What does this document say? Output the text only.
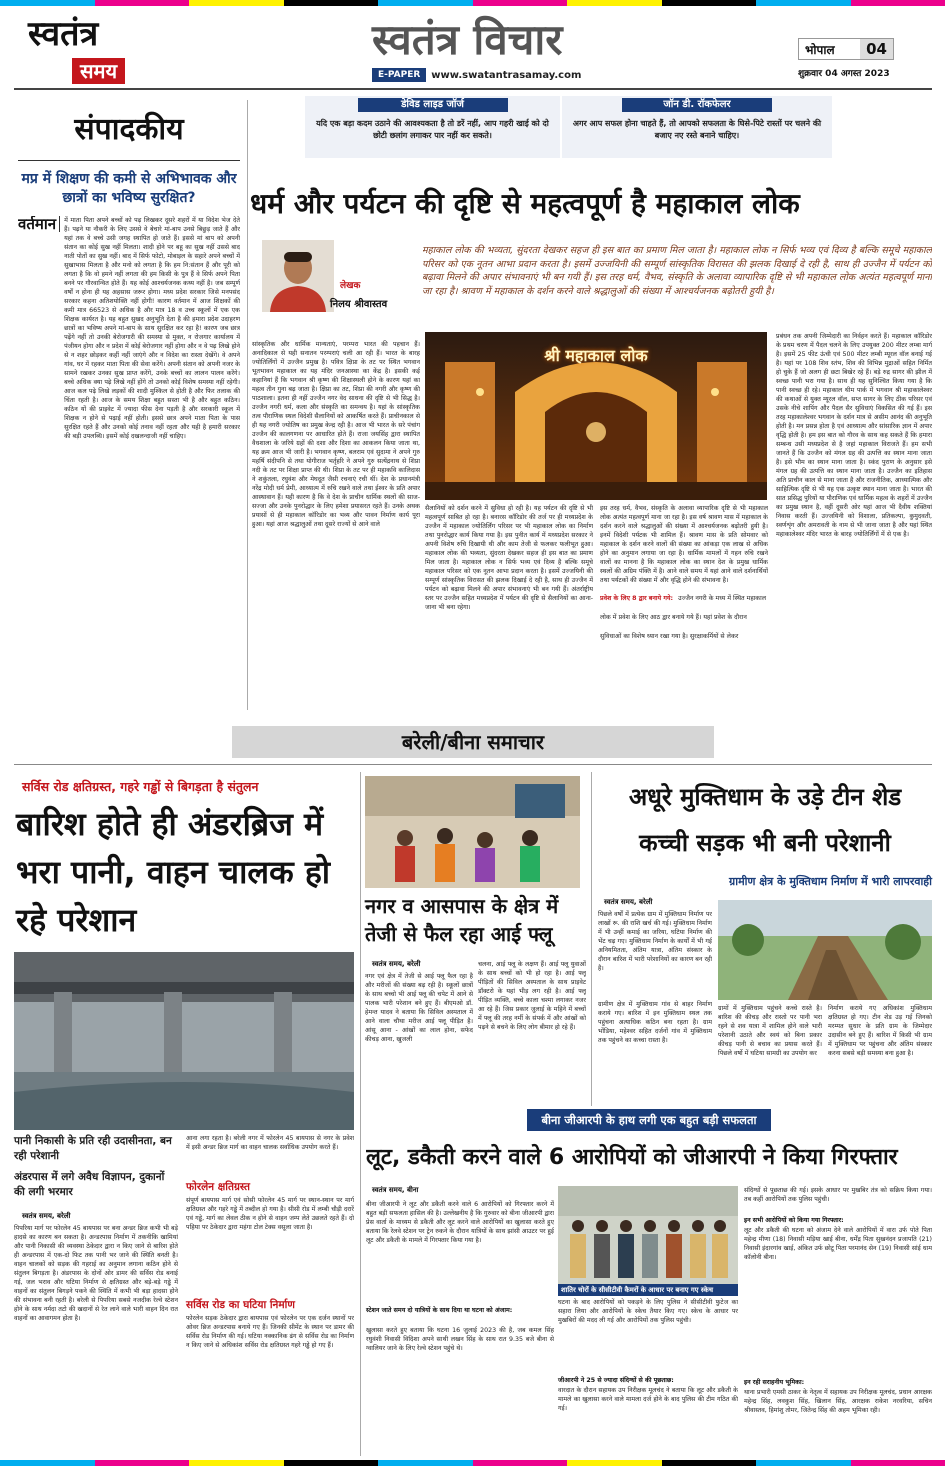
स्वतंत्र
समय
स्वतंत्र विचार
E-PAPER	www.swatantrasamay.com
भोपाल	04
शुक्रवार 04 अगस्त 2023
डेविड लाइड जॉर्ज
यदि एक बड़ा कदम उठाने की आवश्यकता है तो डरें नहीं, आप गहरी खाई को दो छोटी छलांग लगाकर पार नहीं कर सकते।
जॉन डी. रॉकफेलर
अगर आप सफल होना चाहते हैं, तो आपको सफलता के घिसे-पिटे रास्तों पर चलने की बजाए नए रस्ते बनाने चाहिए।
संपादकीय
मप्र में शिक्षण की कमी से अभिभावक और छात्रों का भविष्य सुरक्षित?
वर्तमान	में माता पिता अपने बच्चों को पढ़ लिखकर दूसरे शहरों में या विदेश भेज देते हैं। पढ़ने या नौकरी के लिए उससे वे बेचारे मां-बाप उनसे बिछुड़ जाते हैं और यहां तक वे बच्चे उसी जगह स्थापित हो जाते हैं। इससे मां बाप को अपनी संतान का कोई सुख नहीं मिलता। शादी होने पर बहू का सुख नहीं उससे बाद नाती पोतों का सुख नहीं। बाद में सिर्फ फोटो, मोबाइल के सहारे अपने बच्चों में सुखाभास मिलता है और मनो को लगता है कि हम नि:संतान हैं और पूरी को लगता है कि वो हमने नहीं लगता की हम किसी के पुत्र हैं वे सिर्फ अपने पिता बनने पर गौरवान्वित होते हैं। यह कोई आश्चर्यजनक कथ्य नहीं है। जब सम्पूर्ण वर्षों न होना ही यह अहसास जरूर होगा। मध्य प्रदेश सरकार जिसे मनपसंद सरकार कहना अतिशयोक्ति नहीं होगी! कारण वर्तमान में आज शिक्षकों की कमी मात्र 66523 से अधिक है और मात्र 18 व उच्च स्कूलों में एक एक शिक्षक कार्यरत है। यह बहुत सुखद अनुभूति देता है की हमारा प्रदेश उदाहरण छात्रों का भविष्य अपने मां-बाप के साथ सुरक्षित कर रहा है! कारण जब छात्र पढ़ेंगे नहीं तो उनकी बेरोजगारी की समस्या से मुक्त, न रोजगार कार्यालय में पंजीयन होगा और न प्रदेश में कोई बेरोजगार नहीं होगा और न वे पढ़ लिखे होने से न शहर छोड़कर कहीं नहीं जाएंगे और न विदेश का रास्ता देखेंगे। वे अपने गांव, घर में रहकर माता पिता की सेवा करेंगे। अपनी संतान को अपनी नजर के सामने रखकर उनका सुख प्राप्त करेंगे, उनके बच्चों का लालन पालन करेंगे। बच्चे अधिक क्या पढ़े लिखे नहीं होंगे तो उनको कोई विशेष समस्या नहीं रहेगी। आज कल पढ़े लिखे लड़कों की शादी मुश्किल से होती है और फिर तलाक की चिंता रहती है। आज के समय शिक्षा बहुत सस्ता भी है और बहुत कठिन। कठिन यों की प्राइवेट में ज्यादा फीस देना पड़ती है और सरकारी स्कूल में शिक्षक न होने से पढ़ाई नहीं होती। इससे छात्र अपने माता पिता के पास सुरक्षित रहते हैं और उनको कोई तनाव नहीं रहता और यही है हमारी सरकार की बड़ी उपलब्धि। इसमें कोई दखलन्दाजी नहीं चाहिए।
धर्म और पर्यटन की दृष्टि से महत्वपूर्ण है महाकाल लोक
लेखक
निलय श्रीवास्तव
महाकाल लोक की भव्यता, सुंदरता देखकर सहज ही इस बात का प्रमाण मिल जाता है। महाकाल लोक न सिर्फ भव्य एवं दिव्य है बल्कि समूचे महाकाल परिसर को एक नूतन आभा प्रदान करता है। इसमें उज्जयिनी की सम्पूर्ण सांस्कृतिक विरासत की झलक दिखाई दे रही है, साथ ही उज्जैन में पर्यटन को बढ़ावा मिलने की अपार संभावनाएं भी बन गयी हैं। इस तरह धर्म, वैभव, संस्कृति के अलावा व्यापारिक दृष्टि से भी महाकाल लोक अत्यंत महत्वपूर्ण माना जा रहा है। श्रावण में महाकाल के दर्शन करने वाले श्रद्धालुओं की संख्या में आश्चर्यजनक बढ़ोतरी हुयी है।
सांस्कृतिक और धार्मिक मान्यताएं, परम्परा भारत की पहचान हैं। अनादिकाल से यही सनातन परम्पराएं चली आ रही हैं। भारत के बारह ज्योतिर्लिंगों में उज्जैन प्रमुख है। पवित्र क्षिप्रा के तट पर स्थित भगवान भूतभावन महाकाल का यह मंदिर जनआस्था का केंद्र है। इसकी कई कहानियां हैं कि भगवान श्री कृष्ण की शिक्षास्थली होने के कारण यहां का महत्व तीन गुना बढ़ जाता है। क्षिप्रा का तट, शिप्रा की नगरी और कृष्ण की पाठशाला। इतना ही नहीं उज्जैन नगर वेद साधना की दृष्टि से भी सिद्ध है। उज्जैन नगरी धर्म, कला और संस्कृति का समन्वय है। यहां के सांस्कृतिक तत्व पौराणिक स्थल विदेशी सैलानियों को आकर्षित करते हैं। प्राचीनकाल से ही यह नगरी ज्योतिष का प्रमुख केन्द्र रही है। आज भी भारत के सरे पंचांग उज्जैन की कालगणना पर आधारित होते हैं। राजा जयसिंह द्वारा स्थापित वैधशाला के जरिये ग्रहों की दशा और दिशा का आकलन किया जाता था, यह क्रम आज भी जारी है। भगवान कृष्ण, बलराम एवं सुदामा ने अपने गुरु महर्षि संदीपनि से तथा योगीराज भर्तृहरि ने अपने गुरु सत्येंद्रनाथ से शिप्रा नदी के तट पर शिक्षा प्राप्त की थी। शिप्रा के तट पर ही महाकवि कालिदास ने शकुंतला, रघुवंश और मेघदूत जैसी रचनाएं रची थीं। देश के प्रधानमंत्री नरेंद्र मोदी धर्म प्रेमी, आध्यात्म में रुचि रखने वाले तथा ईश्वर के प्रति अपार आस्थावान हैं। यही कारण है कि वे देश के प्राचीन धार्मिक स्थलों की साज-सज्जा और उनके पुनरोद्धार के लिए हमेशा प्रयासरत रहते हैं। उनके अथक प्रयासों से ही महाकाल कॉरिडोर का भव्य और पावन निर्माण कार्य पूरा हुआ। यहां आज श्रद्धालुओं तथा दूसरे राज्यों से आने वाले
श्री महाकाल लोक
सैलानियों को दर्शन करने में सुविधा हो रही है। यह पर्यटन की दृष्टि से भी महत्वपूर्ण साबित हो रहा है। बनारस कॉरिडोर की तर्ज पर ही मध्यप्रदेश के उज्जैन में महाकाल ज्योतिर्लिंग परिसर पर भी महाकाल लोक का निर्माण तथा पुनरोद्धार कार्य किया गया है। इस पुनीत कार्य में मध्यप्रदेश सरकार ने अपनी विशेष रुचि दिखायी थी और काम तेजी से फलकर फलीभूत हुआ। महाकाल लोक की भव्यता, सुंदरता देखकर सहज ही इस बात का प्रमाण मिल जाता है। महाकाल लोक न सिर्फ भव्य एवं दिव्य है बल्कि समूचे महाकाल परिसर को एक नूतन आभा प्रदान करता है। इसमें उज्जयिनी की सम्पूर्ण सांस्कृतिक विरासत की झलक दिखाई दे रही है, साथ ही उज्जैन में पर्यटन को बढ़ावा मिलने की अपार संभावनाएं भी बन गयी हैं। अंतर्राष्ट्रीय स्तर पर उज्जैन सहित मध्यप्रदेश में पर्यटन की दृष्टि से सैलानियों का आना-जाना भी बना रहेगा।
इस तरह धर्म, वैभव, संस्कृति के अलावा व्यापारिक दृष्टि से भी महाकाल लोक अत्यंत महत्वपूर्ण माना जा रहा है। इस वर्ष श्रावण मास में महाकाल के दर्शन करने वाले श्रद्धालुओं की संख्या में आश्चर्यजनक बढ़ोतरी हुयी है। इनमें विदेशी पर्यटक भी शामिल हैं। श्रावण मास के प्रति सोमवार को महाकाल के दर्शन करने वालों की संख्या का आंकड़ा एक लाख से अधिक होने का अनुमान लगाया जा रहा है। धार्मिक मामलों में गहन रुचि रखने वालों का मानना है कि महाकाल लोक का स्थान देश के प्रमुख धार्मिक स्थलों की अग्रिम पंक्ति में है। आने वाले समय में यहां आने वाले दर्शनार्थियों तथा पर्यटकों की संख्या में और वृद्धि होने की संभावना है।
प्रवेश के लिए 8 द्वार बनाये गये: उज्जैन नगरी के मध्य में स्थित महाकाल लोक में प्रवेश के लिए आठ द्वार बनाये गये हैं। यहां प्रवेश के दौरान सुविधाओं का विशेष ध्यान रखा गया है। सुरक्षाकर्मियों से लेकर
प्रबंधन तक अपनी जिम्मेदारी का निर्वहन करते हैं। महाकाल कॉरिडोर के प्रथम चरण में पैदल चलने के लिए उपयुक्त 200 मीटर लम्बा मार्ग है। इसमें 25 फीट ऊंची एवं 500 मीटर लम्बी म्यूरल वॉल बनाई गई है। यहां पर 108 शिव स्तंभ, शिव की विभिन्न मुद्राओं सहित निर्मित हो चुके हैं जो अलग ही छटा बिखेर रहे हैं। बड़े रुद्र सागर की झील में स्वच्छ पानी भरा गया है। साथ ही यह सुनिश्चित किया गया है कि पानी स्वच्छ ही रहे। महाकाल थीम पार्क में भगवान श्री महाकालेश्वर की कथाओं से युक्त म्यूरल वॉल, सप्त सागर के लिए ठीक परिसर एवं उसके नीचे शापिंग और पैदल सैर सुविधाएं विकसित की गई हैं। इस तरह महाकालेश्वर भगवान के दर्शन मात्र से असीम आनंद की अनुभूति होती है। मन प्रसन्न होता है एवं आध्यात्म और सांसारिक ज्ञान में अपार वृद्धि होती है। हम इस बात को गौरव के साथ कह सकते हैं कि हमारा सम्बन्ध उसी मध्यप्रदेश से है जहां महाकाल विराजते हैं। हम सभी जानते हैं कि उज्जैन को मंगल ग्रह की उत्पत्ति का स्थान माना जाता है। इसे भौम का स्थान माना जाता है। स्कंद पुराण के अनुसार इसे मंगल ग्रह की उत्पत्ति का स्थान माना जाता है। उज्जैन का इतिहास अति प्राचीन काल से माना जाता है और राजनीतिक, आध्यात्मिक और साहित्यिक दृष्टि से भी यह एक उत्कृष्ट स्थान माना जाता है। भारत की सात प्रसिद्ध पुरियों या पौराणिक एवं धार्मिक महत्व के शहरों में उज्जैन का प्रमुख स्थान है, वहीं दूसरी ओर यहां आज भी दैवीय शक्तियां निवास करती हैं। उज्जयिनी को विशाला, प्रतिकल्पा, कुमुदवती, स्वर्णशृंग और अमरावती के नाम से भी जाना जाता है और यहां स्थित महाकालेश्वर मंदिर भारत के बारह ज्योतिर्लिंगों में से एक है।
बरेली/बीना समाचार
सर्विस रोड क्षतिग्रस्त, गहरे गड्ढों से बिगड़ता है संतुलन
बारिश होते ही अंडरब्रिज में भरा पानी, वाहन चालक हो रहे परेशान
पानी निकासी के प्रति रही उदासीनता, बन रही परेशानी
अंडरपास में लगे अवैध विज्ञापन, दुकानों की लगी भरमार
स्वतंत्र समय, बरेली
पिपरिया मार्ग पर फोरलेन 45 बायपास पर बना अन्डर ब्रिज कभी भी बड़े हादसे का कारण बन सकता है। अन्डरपास निर्माण में तकनीकि खामियां और पानी निकासी की व्यवस्था ठेकेदार द्वारा न किए जाने से बारिश होते ही अन्डरपास में एक-दो फिट तक पानी भर जाने की स्थिति बनती है। वाहन चालकों को सड़क की गहराई का अनुमान लगाना कठिन होने से संतुलन बिगड़ता है। अंडरपास के दोनों ओर डामर की सर्विस रोड बनाई गई, जल भराव और घटिया निर्माण से क्षतिग्रस्त और बड़े-बड़े गड्ढे में वाहनों का संतुलन बिगड़ने पकने की स्थिति में कभी भी बड़ा हादसा होने की संभावना बनी रहती है। बरेली से पिपरिया सबसे नजदीक रेल्वे स्टेशन होने के साथ नर्मदा तटो की खदानों से रेत लाने वाले भारी वाहन दिन रात वाहनों का आवागमन होता है।
आना लगा रहता है। बरेली नगर में फोरलेन 45 बायपास से नगर के प्रवेश में इसी अन्डर ब्रिज मार्ग का वाहन चालक सर्वाधिक उपयोग करते हैं।
फोरलेन क्षतिग्रस्त
संपूर्ण बायपास मार्ग एवं सोसी फोरलेन 45 मार्ग पर स्थान-स्थान पर मार्ग क्षतिग्रस्त और गहरे गड्ढे में तब्दील हो गया है। सीसी रोड में लम्बी चौड़ी दरारें एवं गड्ढे, मार्ग का लेवल ठीक न होने से वाहन जम्प लेते उछलते रहते हैं। दो पहिया पर ठेकेदार द्वारा महंगा टोल टेक्स वसूला जाता है।
सर्विस रोड का घटिया निर्माण
फोरलेन सड़क ठेकेदार द्वारा बायपास एवं फोरलेन पर एक दर्जन स्थानों पर ओवर ब्रिज अन्डरपास बनाये गए हैं। जिनकी सीमेंट के स्थान पर डामर की सर्विस रोड निर्माण की गई। घटिया नक्कानिक ढंग से सर्विस रोड का निर्माण न किए जाने से अधिकांश सर्विस रोड क्षतिग्रस्त गहरे गड्ढे हो गए हैं।
नगर व आसपास के क्षेत्र में तेजी से फैल रहा आई फ्लू
स्वतंत्र समय, बरेली
नगर एवं क्षेत्र में तेजी से आई फ्लू फैल रहा है और मरीजों की संख्या बढ़ रही है। स्कूलों छात्रों के साथ बच्चो भी आई फ्लू की चपेट में आने से पालक भारी परेशान बने हुए हैं। बीएमओ डॉ. हेमन्त यादव ने बताया कि सिविल अस्पताल में आने वाला चौथा मरीज आई फ्लू पीड़ित है। आंसू आना - आंखों का लाल होना, सफेद कीचड़ आना, खुजली
चलना, आई फ्लू के लक्षण हैं। आई फ्लू युवाओं के साथ बच्चों को भी हो रहा है। आई फ्लू पीड़ितों की सिविल अस्पताल के साथ प्राइवेट डॉक्टरो के यहां भीड़ लग रही है। आई फ्लू पीड़ित व्यक्ति, बच्चे काला चश्मा लगाकर नजर आ रहे हैं। जिस प्रकार जुलाई के महिने में बच्चों में फ्लू की तरह नर्मी के संपर्क में और आंखों को पढ़ने से बचने के लिए लोग बीमार हो रहे हैं।
अधूरे मुक्तिधाम के उड़े टीन शेड
कच्ची सड़क भी बनी परेशानी
ग्रामीण क्षेत्र के मुक्तिधाम निर्माण में भारी लापरवाही
स्वतंत्र समय, बरेली
पिछले वर्षों में प्रत्येक ग्राम में मुक्तिधाम निर्माण पर लाखों रू. की राशि खर्च की गई। मुक्तिधाम निर्माण में भी उन्हीं कमाई का जरिया, घटिया निर्माण की भेंट चढ़ गए। मुक्तिधाम निर्माण के कार्यों में भी गई अनियमितता, अंतिम यात्रा, अंतिम संस्कार के दौरान बारिश में भारी परेशानियों का कारण बन रही है।
ग्रामीण क्षेत्र में मुक्तिधाम गांव से बाहर निर्माण कराये गए। बारिश में इन मुक्तिधाम स्थल तक पहुंचना अत्याधिक कठिन बना रहता है। ग्राम भोंडिया, महेश्वर सहित दर्जनों गांव में मुक्तिधाम तक पहुंचने का कच्चा रास्ता है।
ग्रामों में मुक्तिधाम पहुंचने कच्चे रास्ते है। बारिश की कीचड़ और रास्तो पर पानी भरा रहने से शव यात्रा में शामिल होने वाले भारी परेशानी उठाते और स्वयं को बिना प्रकार कीचड़ पानी से बचाव का प्रयास करते हैं। पिछले वर्षो में घटिया सामग्री का उपयोग कर
निर्माण कराये गए अधिकांश मुक्तिधाम क्षतिग्रस्त हो गए। टीन शेड उड़ गई जिनको मरम्मत सुधार के प्रति ग्राम के जिम्मेदार उदासीन बने हुए हैं। बारिश में किसी भी ग्राम में मुक्तिधाम पर पहुंचना और अंतिम संस्कार करना सबसे बड़ी समस्या बना हुआ है।
बीना जीआरपी के हाथ लगी एक बहुत बड़ी सफलता
लूट, डकैती करने वाले 6 आरोपियों को जीआरपी ने किया गिरफ्तार
स्वतंत्र समय, बीना
बीना जीआरपी ने लूट और डकैती करने वाले 6 आरोपियों को गिरफ्तार करने में बहुत बड़ी सफलता हासिल की है। उल्लेखनीय है कि गुरुवार को बीना जीआरपी द्वारा प्रेस वार्ता के माध्यम से डकैती और लूट करने वाले आरोपियों का खुलासा करते हुए बताया कि रेलवे स्टेशन पर ट्रेन रुकने के दौरान यात्रियों के साथ झांसी आउटर पर हुई लूट और डकैती के मामले में गिरफ्तार किया गया है।
स्टेशन जाते समय दो यात्रियों के साथ दिया था घटना को अंजाम:
खुलासा करते हुए बताया कि घटना 16 जुलाई 2023 की है, जब कमल सिंह रघुवंशी निवासी विदिशा अपने साथी लखन सिंह के साथ रात 9.35 बजे बीना से ग्वालियर जाने के लिए रेल्वे स्टेशन पहुंचे थे।
शातिर चोरों के सीसीटीवी कैमरों के आधार पर बनाए गए स्केच
घटना के बाद आरोपियों को पकड़ने के लिए पुलिस ने सीसीटीवी फुटेज का सहारा लिया और आरोपियों के स्केच तैयार किए गए। स्केच के आधार पर मुखबिरों की मदद ली गई और आरोपियों तक पुलिस पहुंची।
जीआरपी ने 25 से ज्यादा संदिग्धों से की पूछताछ:
वारदात के दौरान सहायक उप निरीक्षक मूलचंद ने बताया कि लूट और डकैती के मामले का खुलासा करने वाले मामला दर्ज होने के बाद पुलिस की टीम गठित की गई।
संदिग्धों से पूछताछ की गई। इसके आधार पर मुखबिर तंत्र को सक्रिय किया गया। तब कहीं आरोपियों तक पुलिस पहुंची।
इन सभी आरोपियों को किया गया गिरफ्तार:
लूट और डकैती की घटना को अंजाम देने वाले आरोपियों में वारा उर्फ पोते पिता महेन्द्र मीणा (18) निवासी मड़िया खाई बीना, धर्मेंद्र पिता सुखनंदन प्रजापति (21) निवासी इंदारगांव खाई, अंकित उर्फ छोटू पिता परमानंद सेन (19) निवासी सांई धाम कॉलोनी बीना।
इन रही सराहनीय भूमिका:
थाना प्रभारी एमसी ठाकर के नेतृत्व में सहायक उप निरीक्षक मूलचंद, प्रधान आरक्षक महेन्द्र सिंह, लवकुश सिंह, खिलान सिंह, आरक्षक राकेश नरवरिया, सचिन श्रीवास्तव, हिमांशु तोमर, जितेन्द्र सिंह की अहम भूमिका रही।
